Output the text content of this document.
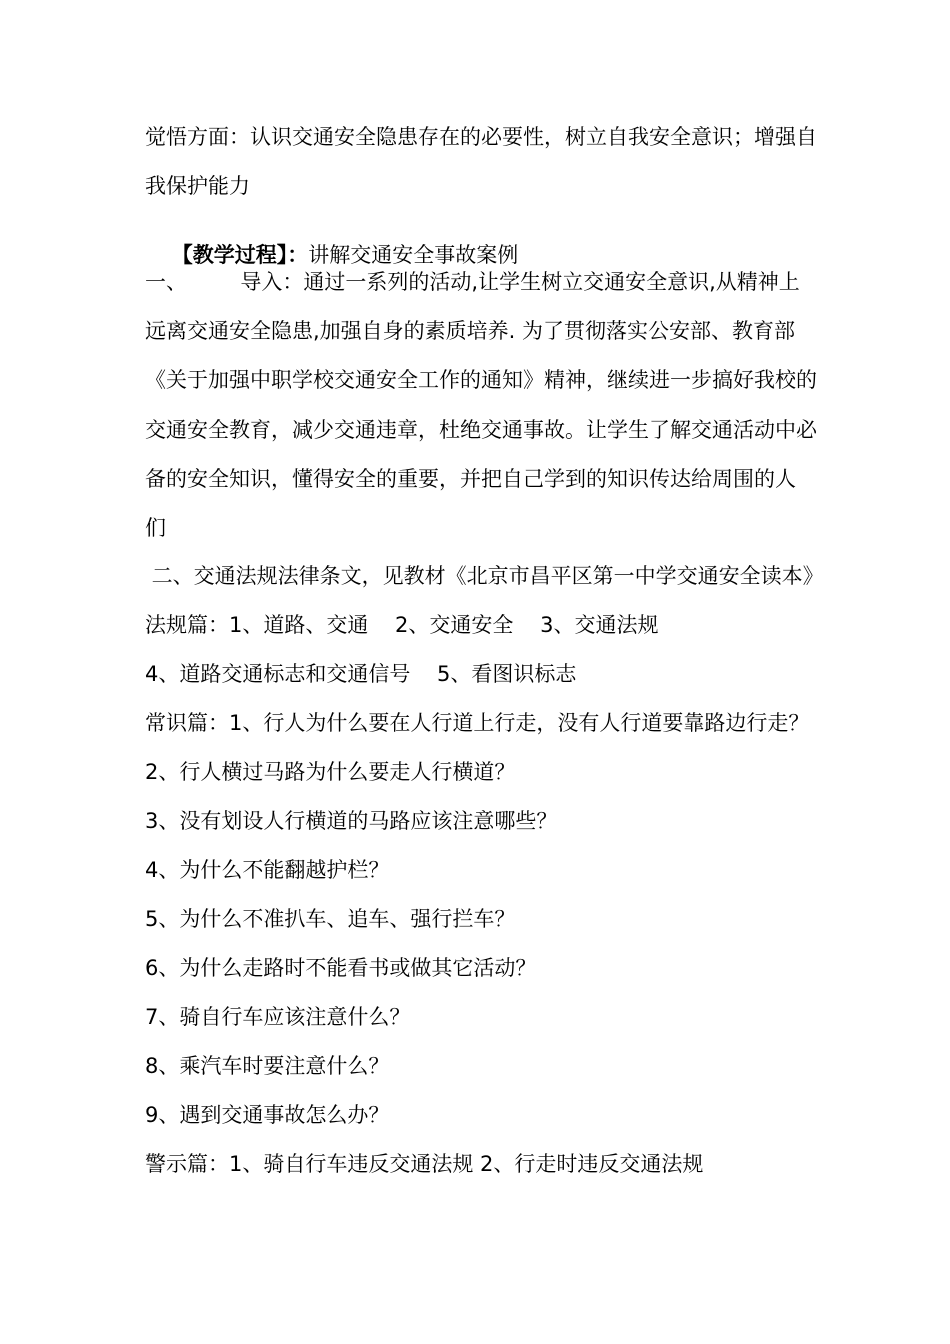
觉悟方面：认识交通安全隐患存在的必要性，树立自我安全意识；增强自
我保护能力

【教学过程】：讲解交通安全事故案例

一、        导入：通过一系列的活动,让学生树立交通安全意识,从精神上
远离交通安全隐患,加强自身的素质培养. 为了贯彻落实公安部、教育部
《关于加强中职学校交通安全工作的通知》精神，继续进一步搞好我校的
交通安全教育，减少交通违章，杜绝交通事故。让学生了解交通活动中必
备的安全知识，懂得安全的重要，并把自己学到的知识传达给周围的人
们
二、交通法规法律条文，见教材《北京市昌平区第一中学交通安全读本》
法规篇：1、道路、交通    2、交通安全    3、交通法规
4、道路交通标志和交通信号    5、看图识标志
常识篇：1、行人为什么要在人行道上行走，没有人行道要靠路边行走？
2、行人横过马路为什么要走人行横道？
3、没有划设人行横道的马路应该注意哪些？
4、为什么不能翻越护栏？
5、为什么不准扒车、追车、强行拦车？
6、为什么走路时不能看书或做其它活动？
7、骑自行车应该注意什么？
8、乘汽车时要注意什么？
9、遇到交通事故怎么办？
警示篇：1、骑自行车违反交通法规 2、行走时违反交通法规
